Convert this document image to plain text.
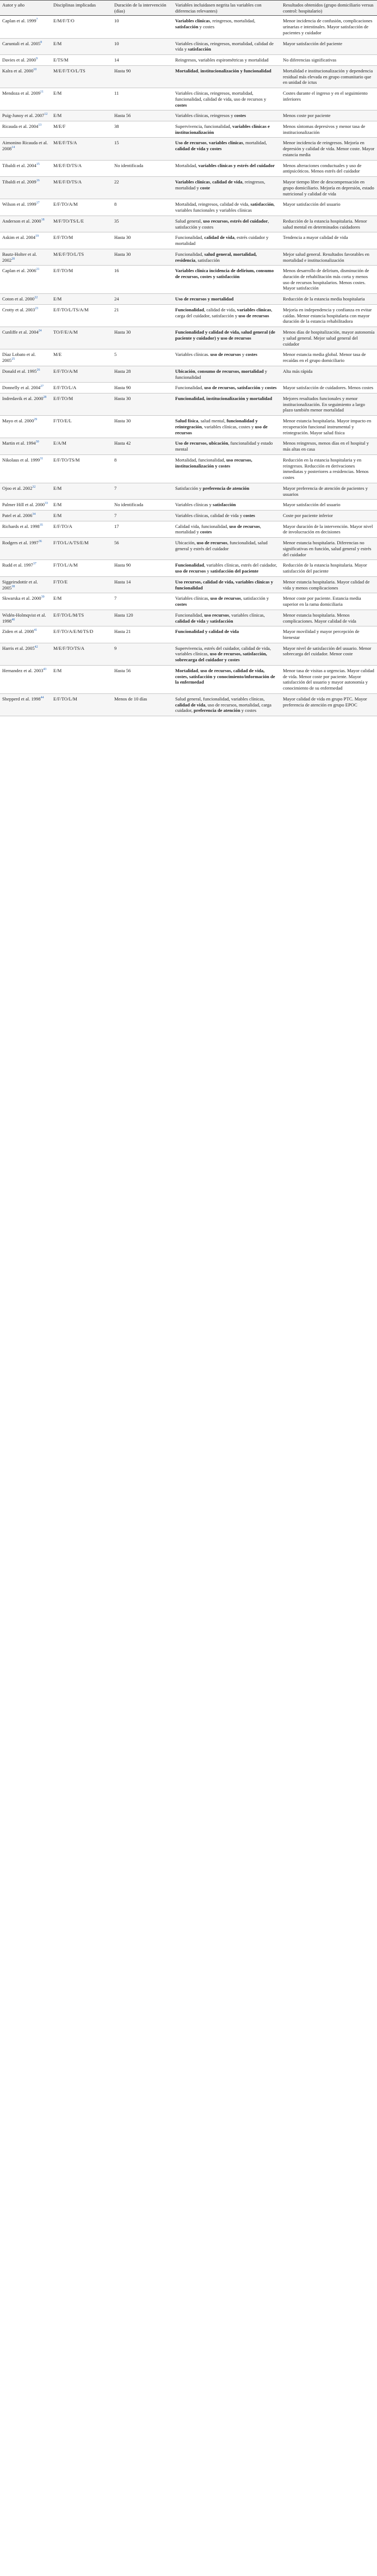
Autor y año	Disciplinas implicadas	Duración de la intervención (días)	Variables incluidasen negrita las variables con diferencias relevantes)	Resultados obtenidos (grupo domiciliario versus control: hospitalario)
Caplan et al. 1999$^7$	E/M/F/T/O	10	Variables clínicas, reingresos, mortalidad, satisfacción y costes	Menor incidencia de confusión, complicaciones urinarias e intestinales. Mayor satisfacción de pacientes y cuidador
Caruntali et al. 2005$^8$	E/M	10	Variables clínicas, reingresos, mortalidad, calidad de vida y satisfacción	Mayor satisfacción del paciente
Davies et al. 2000$^9$	E/TS/M	14	Reingresos, variables espirométricas y mortalidad	No diferencias significativas
Kalra et al. 2000$^{10}$	M/E/F/T/O/L/TS	Hasta 90	Mortalidad, institucionalización y funcionalidad	Mortalidad e institucionalización y dependencia residual más elevada en grupo comunitario que en unidad de ictus
Mendoza et al. 2009$^{11}$	E/M	11	Variables clínicas, reingresos, mortalidad, funcionalidad, calidad de vida, uso de recursos y costes	Costes durante el ingreso y en el seguimiento inferiores
Puig-Junoy et al. 2007$^{12}$	E/M	Hasta 56	Variables clínicas, reingresos y costes	Menos coste por paciente
Ricauda et al. 2004$^{13}$	M/E/F	38	Supervivencia, funcionalidad, variables clínicas e institucionalización	Menos síntomas depresivos y menor tasa de institucionalización
Aimonino Ricauda et al. 2008$^{14}$	M/E/F/TS/A	15	Uso de recursos, variables clínicas, mortalidad, calidad de vida y costes	Menor incidencia de reingresos. Mejoría en depresión y calidad de vida. Menor coste. Mayor estancia media
Tibaldi et al. 2004$^{15}$	M/E/F/D/TS/A	No identificada	Mortalidad, variables clínicas y estrés del cuidador	Menos alteraciones conductuales y uso de antipsicóticos. Menos estrés del cuidador
Tibaldi et al. 2009$^{16}$	M/E/F/D/TS/A	22	Variables clínicas, calidad de vida, reingresos, mortalidad y coste	Mayor tiempo libre de descompensación en grupo domiciliario. Mejoría en depresión, estado nutricional y calidad de vida
Wilson et al. 1999$^{17}$	E/F/TO/A/M	8	Mortalidad, reingresos, calidad de vida, satisfacción, variables funcionales y variables clínicas	Mayor satisfacción del usuario
Anderson et al. 2000$^{18}$	M/F/TO/TS/L/E	35	Salud general, uso recursos, estrés del cuidador, satisfacción y costes	Reducción de la estancia hospitalaria. Menor salud mental en determinados cuidadores
Askim et al. 2004$^{19}$	E/F/TO/M	Hasta 30	Funcionalidad, calidad de vida, estrés cuidador y mortalidad	Tendencia a mayor calidad de vida
Bautz-Holter et al. 2002$^{20}$	M/E/F/TO/L/TS	Hasta 30	Funcionalidad, salud general, mortalidad, residencia, satisfacción	Mejor salud general. Resultados favorables en mortalidad e institucionalización
Caplan et al. 2006$^{21}$	E/F/TO/M	16	Variables clínica incidencia de delirium, consumo de recursos, costes y satisfacción	Menos desarrollo de delirium, disminución de duración de rehabilitación más corta y menos uso de recursos hospitalarios. Menos costes. Mayor satisfacción
Coton et al. 2000$^{22}$	E/M	24	Uso de recursos y mortalidad	Reducción de la estancia media hospitalaria
Crotty et al. 2003$^{23}$	E/F/TO/L/TS/A/M	21	Funcionalidad, calidad de vida, variables clínicas, carga del cuidador, satisfacción y uso de recursos	Mejoría en independencia y confianza en evitar caídas. Menor estancia hospitalaria con mayor duración de la estancia rehabilitadora
Cunliffe et al. 2004$^{24}$	TO/F/E/A/M	Hasta 30	Funcionalidad y calidad de vida, salud general (de paciente y cuidador) y uso de recursos	Menos días de hospitalización, mayor autonomía y salud general. Mejor salud general del cuidador
Díaz Lobato et al. 2005$^{25}$	M/E	5	Variables clínicas. uso de recursos y costes	Menor estancia media global. Menor tasa de recaídas en el grupo domiciliario
Donald et al. 1995$^{26}$	E/F/TO/A/M	Hasta 28	Ubicación, consumo de recursos, mortalidad y funcionalidad	Alta más rápida
Donnelly et al. 2004$^{27}$	E/F/TO/L/A	Hasta 90	Funcionalidad, uso de recursos, satisfacción y costes	Mayor satisfacción de cuidadores. Menos costes
Indredavik et al. 2000$^{28}$	E/F/TO/M	Hasta 30	Funcionalidad, institucionalización y mortalidad	Mejores resultados funcionales y menor institucionalización. En seguimiento a largo plazo también menor mortalidad
Mayo et al. 2000$^{29}$	F/TO/E/L	Hasta 30	Salud física, salud mental, funcionalidad y reintegración, variables clínicas, costes y uso de recursos	Menor estancia hospitalaria. Mayor impacto en recuperación funcional instrumental y reintegración. Mayor salud física
Martin et al. 1994$^{30}$	E/A/M	Hasta 42	Uso de recursos, ubicación, funcionalidad y estado mental	Menos reingresos, menos días en el hospital y más altas en casa
Nikolaus et al. 1999$^{31}$	E/F/TO/TS/M	8	Mortalidad, funcionalidad, uso recursos, institucionalización y costes	Reducción en la estancia hospitalaria y en reingresos. Reducción en derivaciones inmediatas y posteriores a residencias. Menos costes
Ojoo et al. 2002$^{32}$	E/M	7	Satisfacción y preferencia de atención	Mayor preferencia de atención de pacientes y usuarios
Palmer Hill et al. 2000$^{33}$	E/M	No identificada	Variables clínicas y satisfacción	Mayor satisfacción del usuario
Patel et al. 2006$^{34}$	E/M	7	Variables clínicas, calidad de vida y costes	Coste por paciente inferior
Richards et al. 1998$^{35}$	E/F/TO/A	17	Calidad vida, funcionalidad, uso de recursos, mortalidad y costes	Mayor duración de la intervención. Mayor nivel de involucración en decisiones
Rodgers et al. 1997$^{36}$	F/TO/L/A/TS/E/M	56	Ubicación, uso de recursos, funcionalidad, salud general y estrés del cuidador	Menor estancia hospitalaria. Diferencias no significativas en función, salud general y estrés del cuidador
Rudd et al. 1997$^{37}$	F/TO/L/A/M	Hasta 90	Funcionalidad, variables clínicas, estrés del cuidador, uso de recursos y satisfacción del paciente	Reducción de la estancia hospitalaria. Mayor satisfacción del paciente
Siggeirsdottir et al. 2005$^{38}$	F/TO/E	Hasta 14	Uso recursos, calidad de vida, variables clínicas y funcionalidad	Menor estancia hospitalaria. Mayor calidad de vida y menos complicaciones
Skwarska et al. 2000$^{39}$	E/M	7	Variables clínicas, uso de recursos, satisfacción y costes	Menor coste por paciente. Estancia media superior en la rama domiciliaria
Widén-Holmqvist et al. 1998$^{40}$	E/F/TO/L/M/TS	Hasta 120	Funcionalidad, uso recursos, variables clínicas, calidad de vida y satisfacción	Menor estancia hospitalaria. Menos complicaciones. Mayor calidad de vida
Ziden et al. 2008$^{41}$	E/F/TO/A/E/M/TS/D	Hasta 21	Funcionalidad y calidad de vida	Mayor movilidad y mayor percepción de bienestar
Harris et al. 2005$^{42}$	M/E/F/TO/TS/A	9	Supervivencia, estrés del cuidador, calidad de vida, variables clínicas, uso de recursos, satisfacción, sobrecarga del cuidador y costes	Mayor nivel de satisfacción del usuario. Menor sobrecarga del cuidador. Menor coste
Hernandez et al. 2003$^{43}$	E/M	Hasta 56	Mortalidad, uso de recursos, calidad de vida, costes, satisfacción y conocimiento/información de la enfermedad	Menor tasa de visitas a urgencias. Mayor calidad de vida. Menor coste por paciente. Mayor satisfacción del usuario y mayor autonomía y conocimiento de su enfermedad
Shepperd et al. 1998$^{44}$	E/F/TO/L/M	Menos de 10 días	Salud general, funcionalidad, variables clínicas, calidad de vida, uso de recursos, mortalidad, carga cuidador, preferencia de atención y costes	Mayor calidad de vida en grupo PTC. Mayor preferencia de atención en grupo EPOC
